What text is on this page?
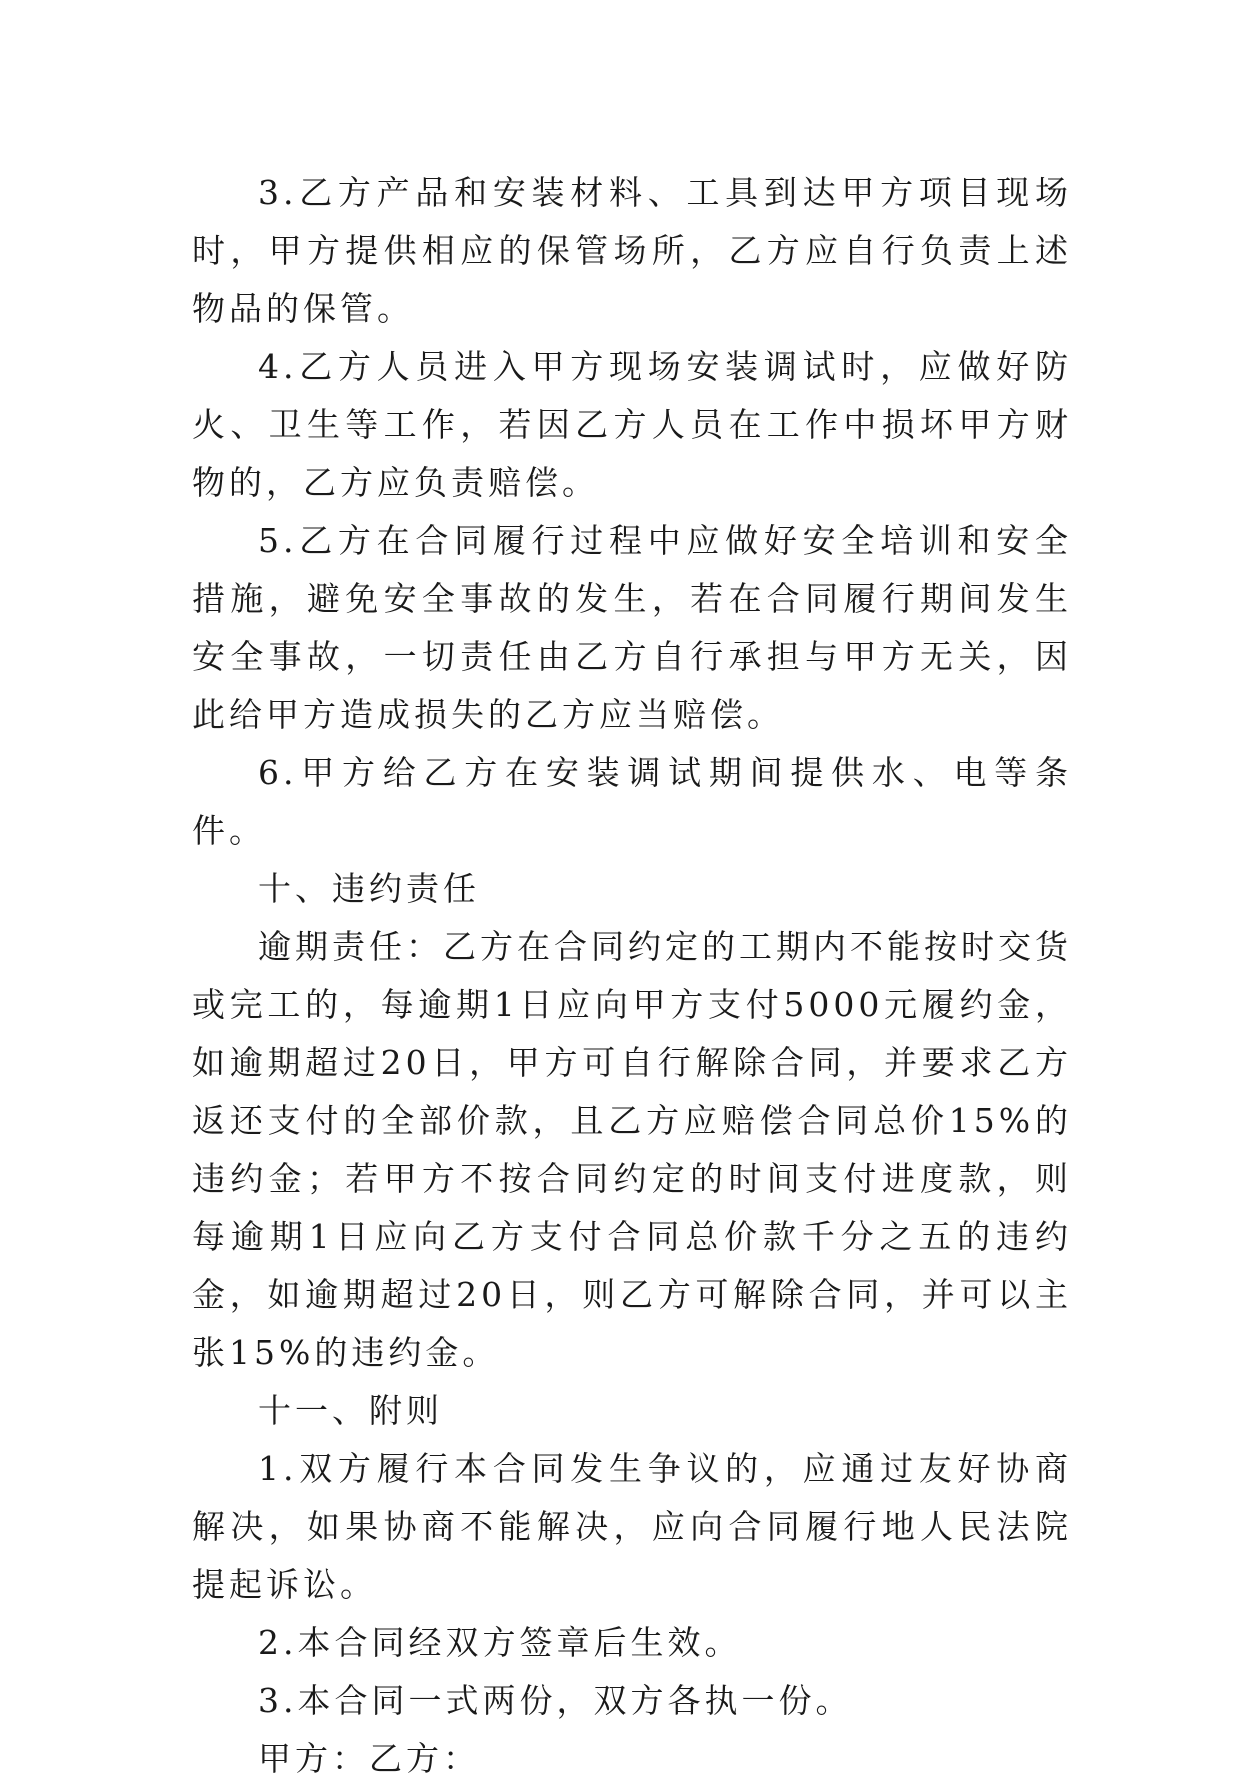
3.乙方产品和安装材料、工具到达甲方项目现场时，甲方提供相应的保管场所，乙方应自行负责上述物品的保管。

4.乙方人员进入甲方现场安装调试时，应做好防火、卫生等工作，若因乙方人员在工作中损坏甲方财物的，乙方应负责赔偿。

5.乙方在合同履行过程中应做好安全培训和安全措施，避免安全事故的发生，若在合同履行期间发生安全事故，一切责任由乙方自行承担与甲方无关，因此给甲方造成损失的乙方应当赔偿。

6.甲方给乙方在安装调试期间提供水、电等条件。

十、违约责任

逾期责任：乙方在合同约定的工期内不能按时交货或完工的，每逾期1日应向甲方支付5000元履约金，如逾期超过20日，甲方可自行解除合同，并要求乙方返还支付的全部价款，且乙方应赔偿合同总价15%的违约金；若甲方不按合同约定的时间支付进度款，则每逾期1日应向乙方支付合同总价款千分之五的违约金，如逾期超过20日，则乙方可解除合同，并可以主张15%的违约金。

十一、附则

1.双方履行本合同发生争议的，应通过友好协商解决，如果协商不能解决，应向合同履行地人民法院提起诉讼。

2.本合同经双方签章后生效。

3.本合同一式两份，双方各执一份。

甲方：乙方：
